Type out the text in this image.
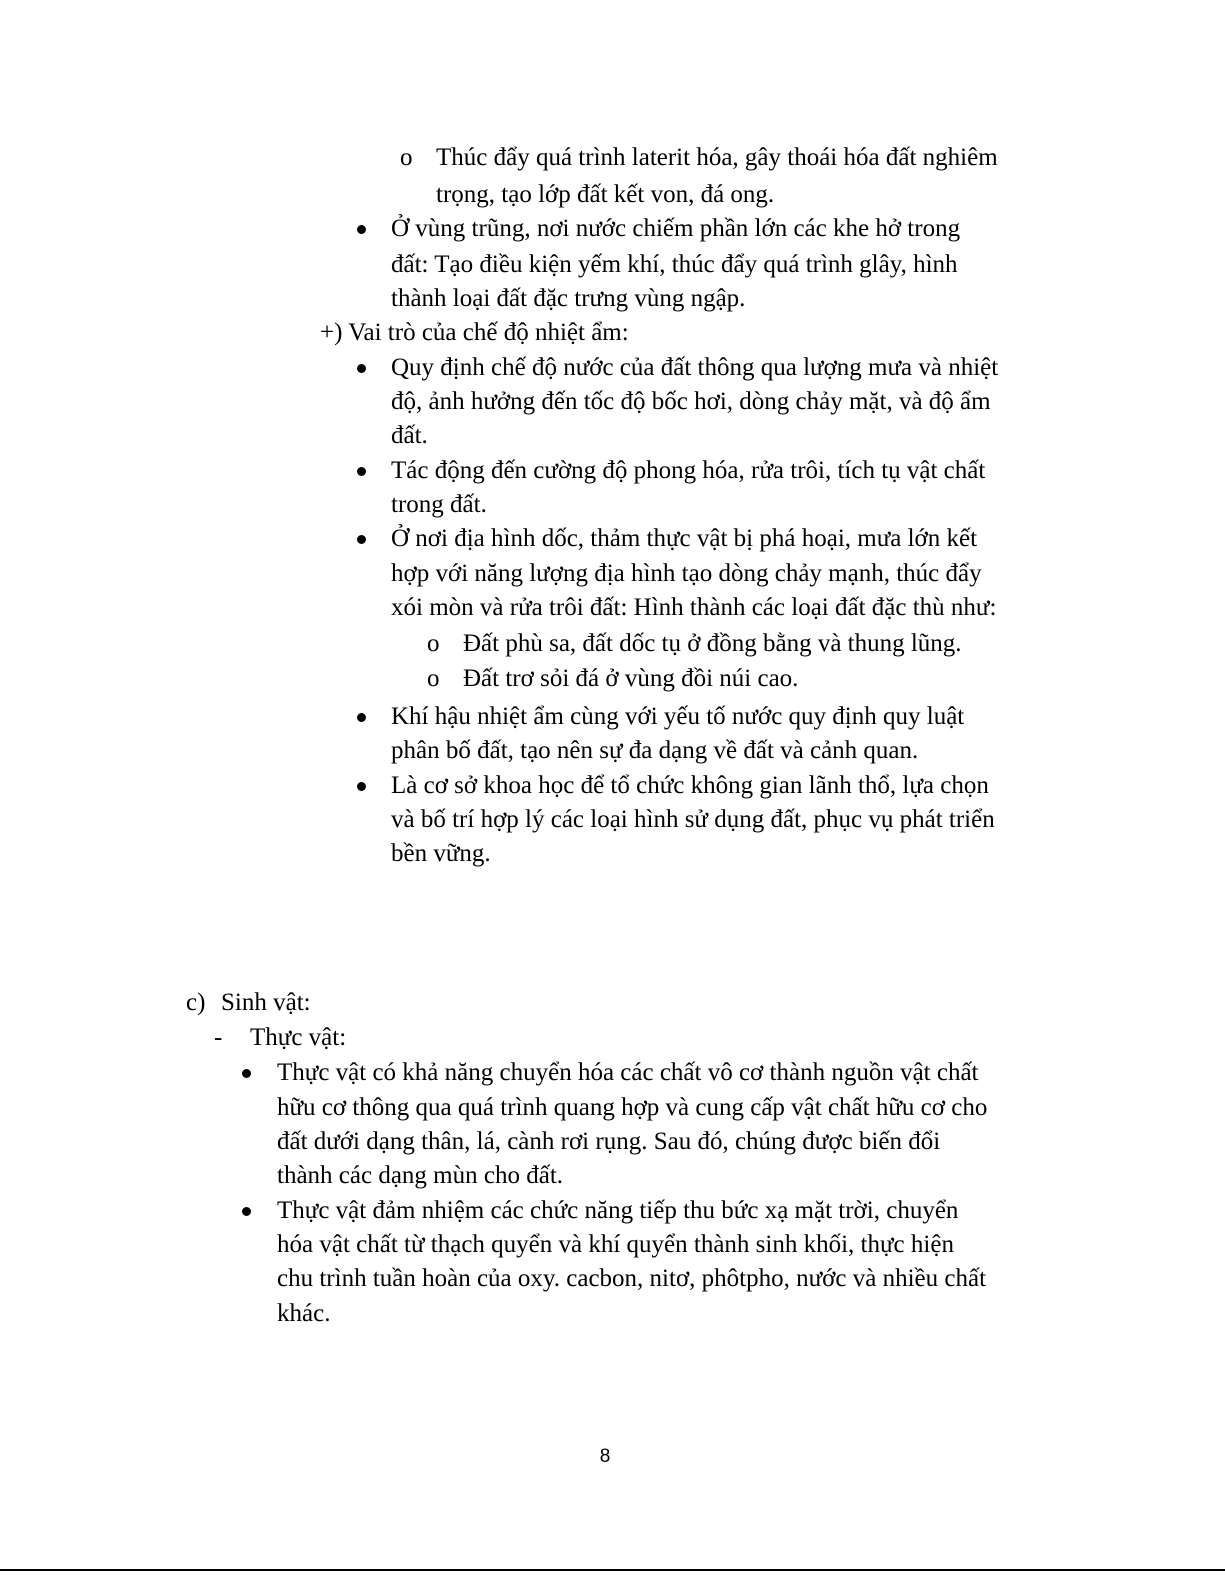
o Thúc đẩy quá trình laterit hóa, gây thoái hóa đất nghiêm
trọng, tạo lớp đất kết von, đá ong.
Ở vùng trũng, nơi nước chiếm phần lớn các khe hở trong
đất: Tạo điều kiện yếm khí, thúc đẩy quá trình glây, hình
thành loại đất đặc trưng vùng ngập.
+) Vai trò của chế độ nhiệt ẩm:
Quy định chế độ nước của đất thông qua lượng mưa và nhiệt
độ, ảnh hưởng đến tốc độ bốc hơi, dòng chảy mặt, và độ ẩm
đất.
Tác động đến cường độ phong hóa, rửa trôi, tích tụ vật chất
trong đất.
Ở nơi địa hình dốc, thảm thực vật bị phá hoại, mưa lớn kết
hợp với năng lượng địa hình tạo dòng chảy mạnh, thúc đẩy
xói mòn và rửa trôi đất: Hình thành các loại đất đặc thù như:
o Đất phù sa, đất dốc tụ ở đồng bằng và thung lũng.
o Đất trơ sỏi đá ở vùng đồi núi cao.
Khí hậu nhiệt ẩm cùng với yếu tố nước quy định quy luật
phân bố đất, tạo nên sự đa dạng về đất và cảnh quan.
Là cơ sở khoa học để tổ chức không gian lãnh thổ, lựa chọn
và bố trí hợp lý các loại hình sử dụng đất, phục vụ phát triển
bền vững.
c) Sinh vật:
- Thực vật:
Thực vật có khả năng chuyển hóa các chất vô cơ thành nguồn vật chất
hữu cơ thông qua quá trình quang hợp và cung cấp vật chất hữu cơ cho
đất dưới dạng thân, lá, cành rơi rụng. Sau đó, chúng được biến đổi
thành các dạng mùn cho đất.
Thực vật đảm nhiệm các chức năng tiếp thu bức xạ mặt trời, chuyển
hóa vật chất từ thạch quyển và khí quyển thành sinh khối, thực hiện
chu trình tuần hoàn của oxy. cacbon, nitơ, phôtpho, nước và nhiều chất
khác.
8
